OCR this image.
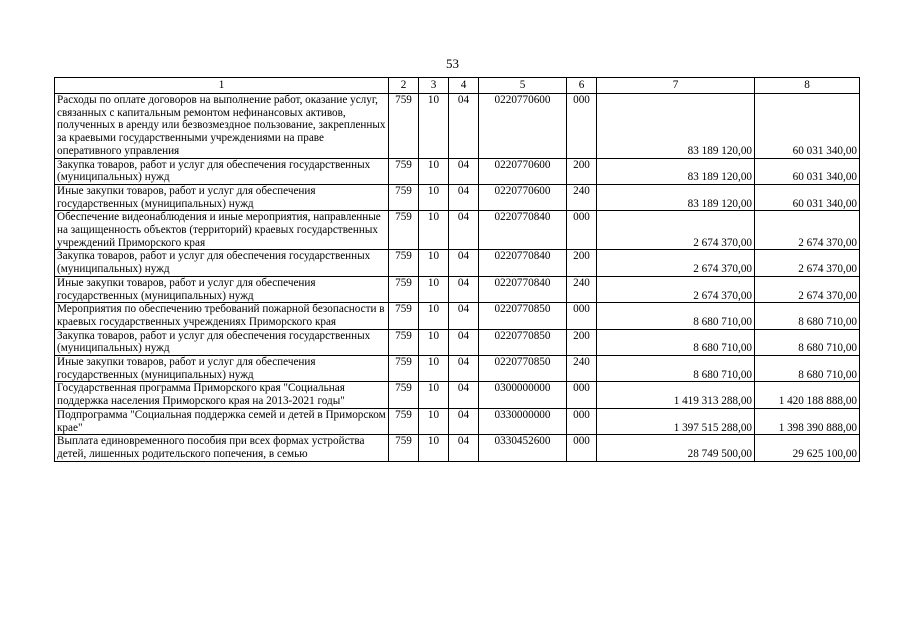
53
1	2	3	4	5	6	7	8
Расходы по оплате договоров на выполнение работ, оказание услуг, связанных с капитальным ремонтом нефинансовых активов, полученных в аренду или безвозмездное пользование, закрепленных за краевыми государственными учреждениями на праве оперативного управления	759	10	04	0220770600	000	83 189 120,00	60 031 340,00
Закупка товаров, работ и услуг для обеспечения государственных (муниципальных) нужд	759	10	04	0220770600	200	83 189 120,00	60 031 340,00
Иные закупки товаров, работ и услуг для обеспечения государственных (муниципальных) нужд	759	10	04	0220770600	240	83 189 120,00	60 031 340,00
Обеспечение видеонаблюдения и иные мероприятия, направленные на защищенность объектов (территорий) краевых государственных учреждений Приморского края	759	10	04	0220770840	000	2 674 370,00	2 674 370,00
Закупка товаров, работ и услуг для обеспечения государственных (муниципальных) нужд	759	10	04	0220770840	200	2 674 370,00	2 674 370,00
Иные закупки товаров, работ и услуг для обеспечения государственных (муниципальных) нужд	759	10	04	0220770840	240	2 674 370,00	2 674 370,00
Мероприятия по обеспечению требований пожарной безопасности в краевых государственных учреждениях Приморского края	759	10	04	0220770850	000	8 680 710,00	8 680 710,00
Закупка товаров, работ и услуг для обеспечения государственных (муниципальных) нужд	759	10	04	0220770850	200	8 680 710,00	8 680 710,00
Иные закупки товаров, работ и услуг для обеспечения государственных (муниципальных) нужд	759	10	04	0220770850	240	8 680 710,00	8 680 710,00
Государственная программа Приморского края "Социальная поддержка населения Приморского края на 2013-2021 годы"	759	10	04	0300000000	000	1 419 313 288,00	1 420 188 888,00
Подпрограмма "Социальная поддержка семей и детей в Приморском крае"	759	10	04	0330000000	000	1 397 515 288,00	1 398 390 888,00
Выплата единовременного пособия при всех формах устройства детей, лишенных родительского попечения, в семью	759	10	04	0330452600	000	28 749 500,00	29 625 100,00
